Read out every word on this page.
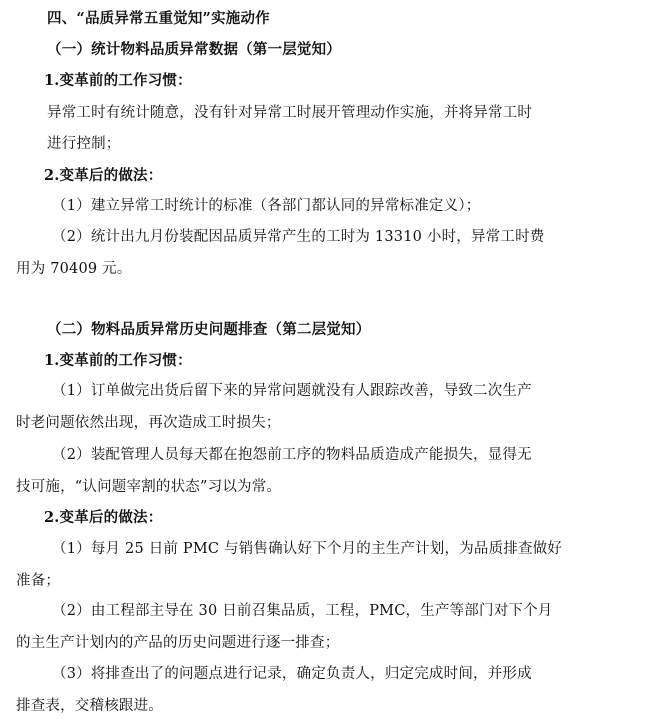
四、“品质异常五重觉知”实施动作
（一）统计物料品质异常数据（第一层觉知）
1.变革前的工作习惯：
异常工时有统计随意，没有针对异常工时展开管理动作实施，并将异常工时
进行控制；
2.变革后的做法：
（1）建立异常工时统计的标准（各部门都认同的异常标准定义）；
（2）统计出九月份装配因品质异常产生的工时为 13310 小时，异常工时费
用为 70409 元。
（二）物料品质异常历史问题排查（第二层觉知）
1.变革前的工作习惯：
（1）订单做完出货后留下来的异常问题就没有人跟踪改善，导致二次生产
时老问题依然出现，再次造成工时损失；
（2）装配管理人员每天都在抱怨前工序的物料品质造成产能损失，显得无
技可施，“认问题宰割的状态”习以为常。
2.变革后的做法：
（1）每月 25 日前 PMC 与销售确认好下个月的主生产计划，为品质排查做好
准备；
（2）由工程部主导在 30 日前召集品质，工程，PMC，生产等部门对下个月
的主生产计划内的产品的历史问题进行逐一排查；
（3）将排查出了的问题点进行记录，确定负责人，归定完成时间，并形成
排查表，交稽核跟进。
